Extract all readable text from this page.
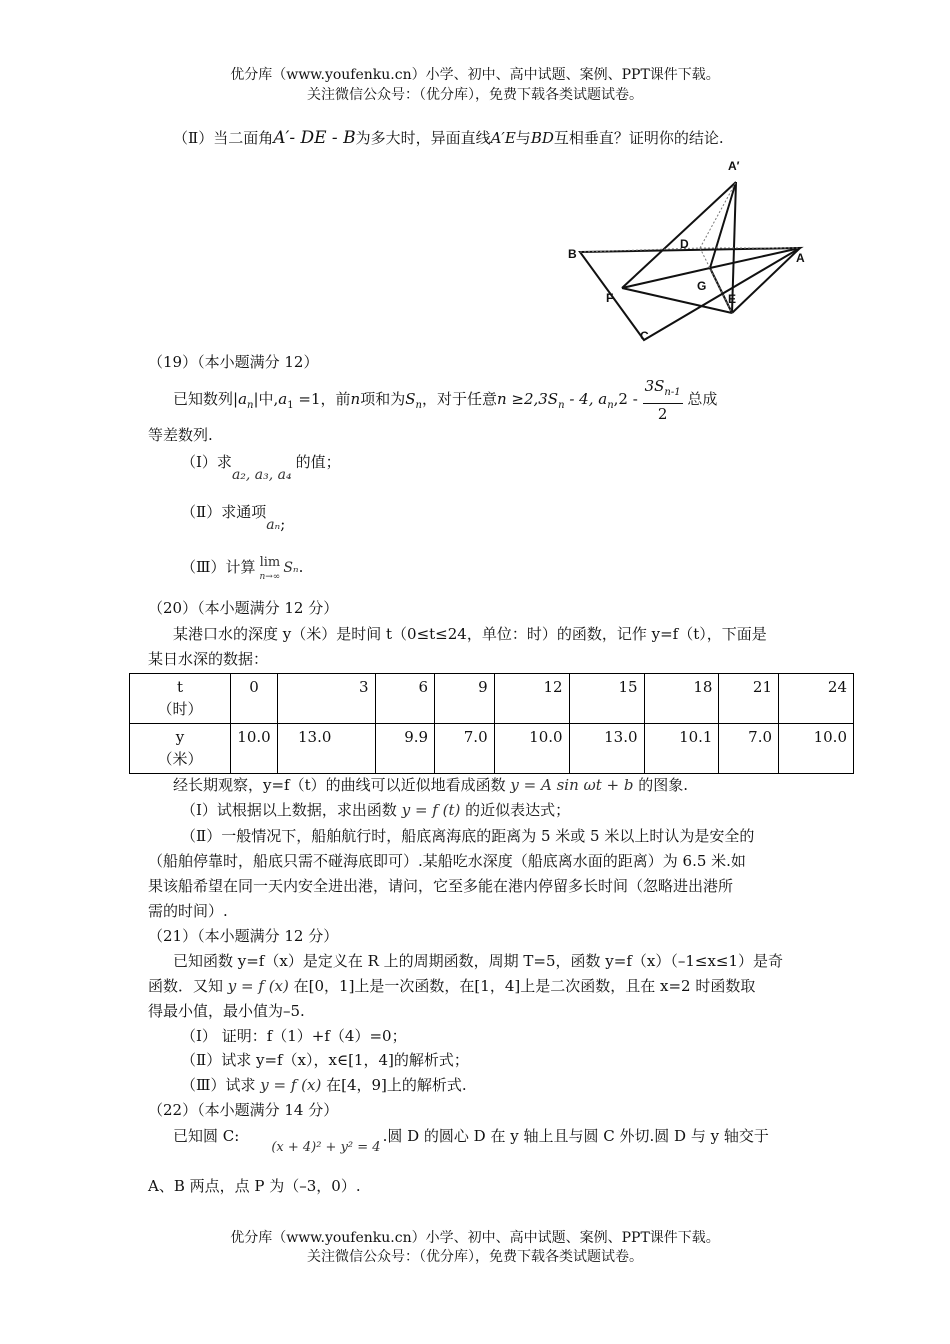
优分库（www.youfenku.cn）小学、初中、高中试题、案例、PPT课件下载。
关注微信公众号：（优分库），免费下载各类试题试卷。
（Ⅱ）当二面角A′- DE - B为多大时，异面直线A′E与BD互相垂直？证明你的结论.
A′
B	A
D
G
F	E
C
（19）（本小题满分 12）
已知数列$|a_n|$中$,a_1 =1$，前n项和为$S_n$，对于任意$n \ge 2,3S_n - 4$, $a_n,2 - \frac{3S_{n-1}}{2}$ 总成
等差数列.
（Ⅰ）求a₂, a₃, a₄的值；
（Ⅱ）求通项aₙ;
（Ⅲ）计算 lim
n→∞
Sₙ.
（20）（本小题满分 12 分）
某港口水的深度 y（米）是时间 t（0≤t≤24，单位：时）的函数，记作 y=f（t），下面是
某日水深的数据：
t
（时）	0	3	6	9	12	15	18	21	24

y
（米）	10.0	13.0	9.9	7.0	10.0	13.0	10.1	7.0	10.0
经长期观察，y=f（t）的曲线可以近似地看成函数 y = A sin ωt + b 的图象.
（Ⅰ）试根据以上数据，求出函数 y = f (t) 的近似表达式；
（Ⅱ）一般情况下，船舶航行时，船底离海底的距离为 5 米或 5 米以上时认为是安全的
（船舶停靠时，船底只需不碰海底即可）.某船吃水深度（船底离水面的距离）为 6.5 米.如
果该船希望在同一天内安全进出港，请问，它至多能在港内停留多长时间（忽略进出港所
需的时间）.
（21）（本小题满分 12 分）
已知函数 y=f（x）是定义在 R 上的周期函数，周期 T=5，函数 y=f（x）（–1≤x≤1）是奇
函数．又知 y = f (x) 在[0，1]上是一次函数，在[1，4]上是二次函数，且在 x=2 时函数取
得最小值，最小值为–5.
（Ⅰ） 证明：f（1）+f（4）=0；
（Ⅱ）试求 y=f（x），x∈[1，4]的解析式；
（Ⅲ）试求 y = f (x) 在[4，9]上的解析式.
（22）（本小题满分 14 分）
已知圆 C:(x + 4)² + y² = 4.圆 D 的圆心 D 在 y 轴上且与圆 C 外切.圆 D 与 y 轴交于
A、B 两点，点 P 为（–3，0）.
优分库（www.youfenku.cn）小学、初中、高中试题、案例、PPT课件下载。
关注微信公众号：（优分库），免费下载各类试题试卷。
